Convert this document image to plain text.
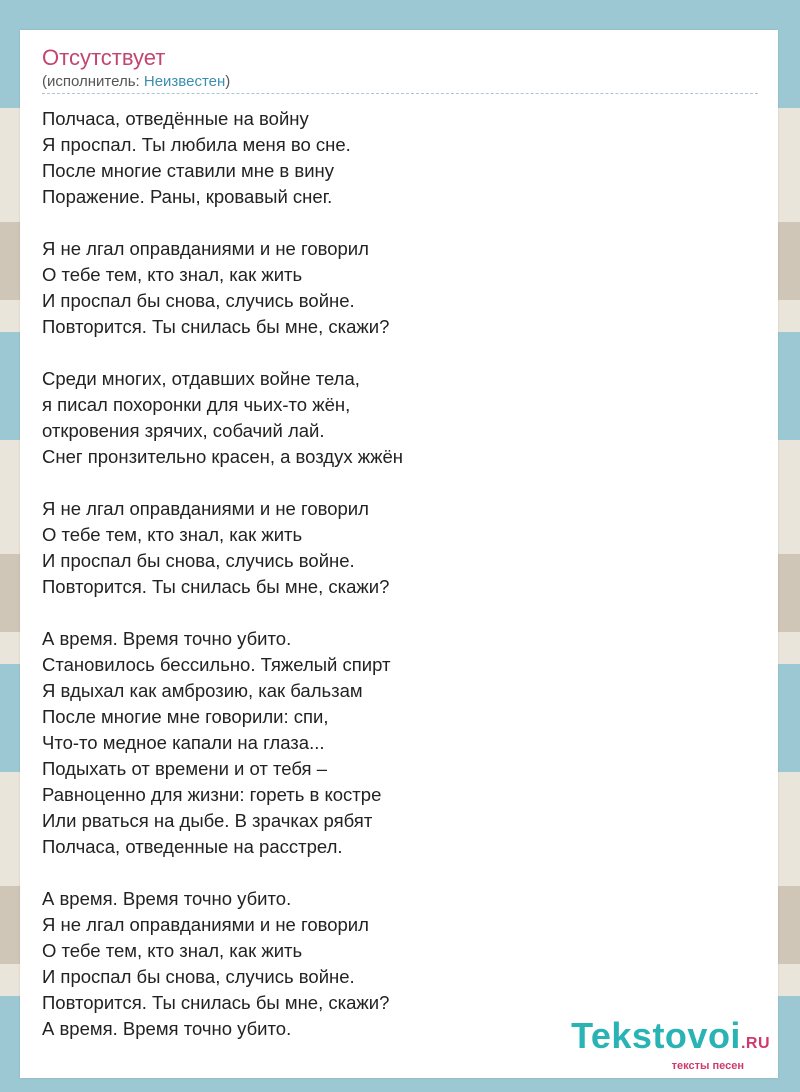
Отсутствует
(исполнитель: Неизвестен)
Полчаса, отведённые на войну
Я проспал. Ты любила меня во сне.
После многие ставили мне в вину
Поражение. Раны, кровавый снег.
Я не лгал оправданиями и не говорил
О тебе тем, кто знал, как жить
И проспал бы снова, случись войне.
Повторится. Ты снилась бы мне, скажи?
Среди многих, отдавших войне тела,
я писал похоронки для чьих-то жён,
откровения зрячих, собачий лай.
Снег пронзительно красен, а воздух жжён
Я не лгал оправданиями и не говорил
О тебе тем, кто знал, как жить
И проспал бы снова, случись войне.
Повторится. Ты снилась бы мне, скажи?
А время. Время точно убито.
Становилось бессильно. Тяжелый спирт
Я вдыхал как амброзию, как бальзам
После многие мне говорили: спи,
Что-то медное капали на глаза...
Подыхать от времени и от тебя –
Равноценно для жизни: гореть в костре
Или рваться на дыбе. В зрачках рябят
Полчаса, отведенные на расстрел.
А время. Время точно убито.
Я не лгал оправданиями и не говорил
О тебе тем, кто знал, как жить
И проспал бы снова, случись войне.
Повторится. Ты снилась бы мне, скажи?
А время. Время точно убито.	Tekstovoi.RU
тексты песен
